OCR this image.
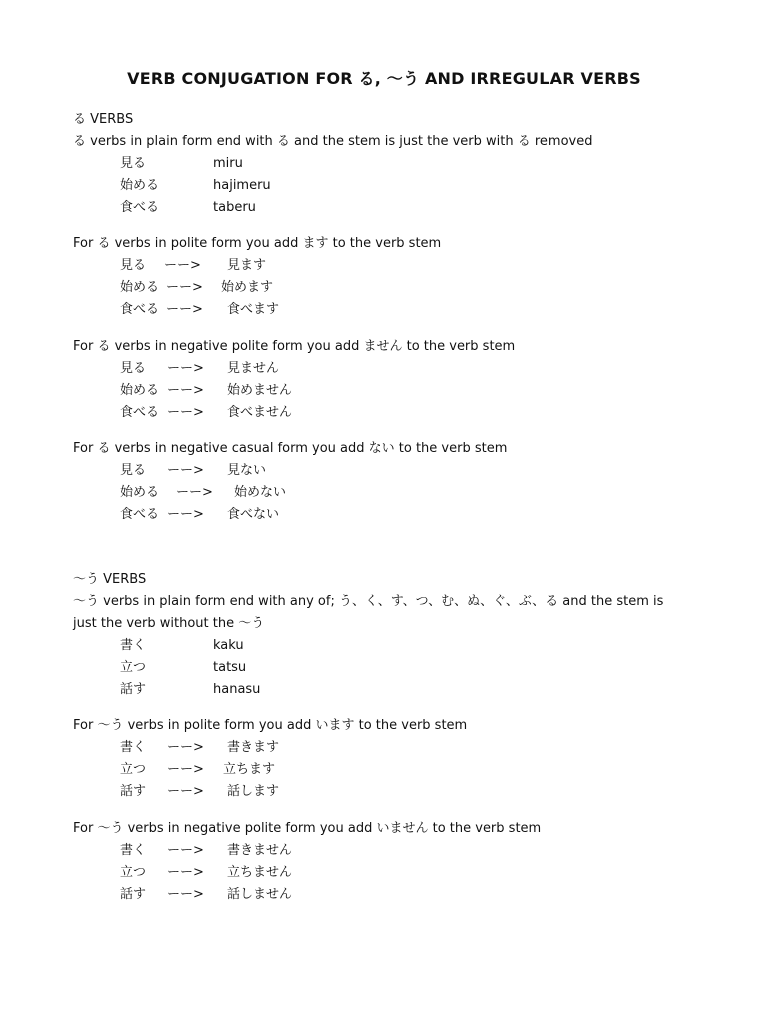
VERB CONJUGATION FOR る, 〜う AND IRREGULAR VERBS
る VERBS
る verbs in plain form end with る and the stem is just the verb with る removed
見る	miru
始める	hajimeru
食べる	taberu
For る verbs in polite form you add ます to the verb stem
見る ーー> 見ます
始める ーー> 始めます
食べる ーー> 食べます
For る verbs in negative polite form you add ません to the verb stem
見る ーー> 見ません
始める ーー> 始めません
食べる ーー> 食べません
For る verbs in negative casual form you add ない to the verb stem
見る ーー> 見ない
始める ーー> 始めない
食べる ーー> 食べない
〜う VERBS
〜う verbs in plain form end with any of; う、く、す、つ、む、ぬ、ぐ、ぶ、る and the stem is
just the verb without the 〜う
書く	kaku
立つ	tatsu
話す	hanasu
For 〜う verbs in polite form you add います to the verb stem
書く ーー> 書きます
立つ ーー> 立ちます
話す ーー> 話します
For 〜う verbs in negative polite form you add いません to the verb stem
書く ーー> 書きません
立つ ーー> 立ちません
話す ーー> 話しません
